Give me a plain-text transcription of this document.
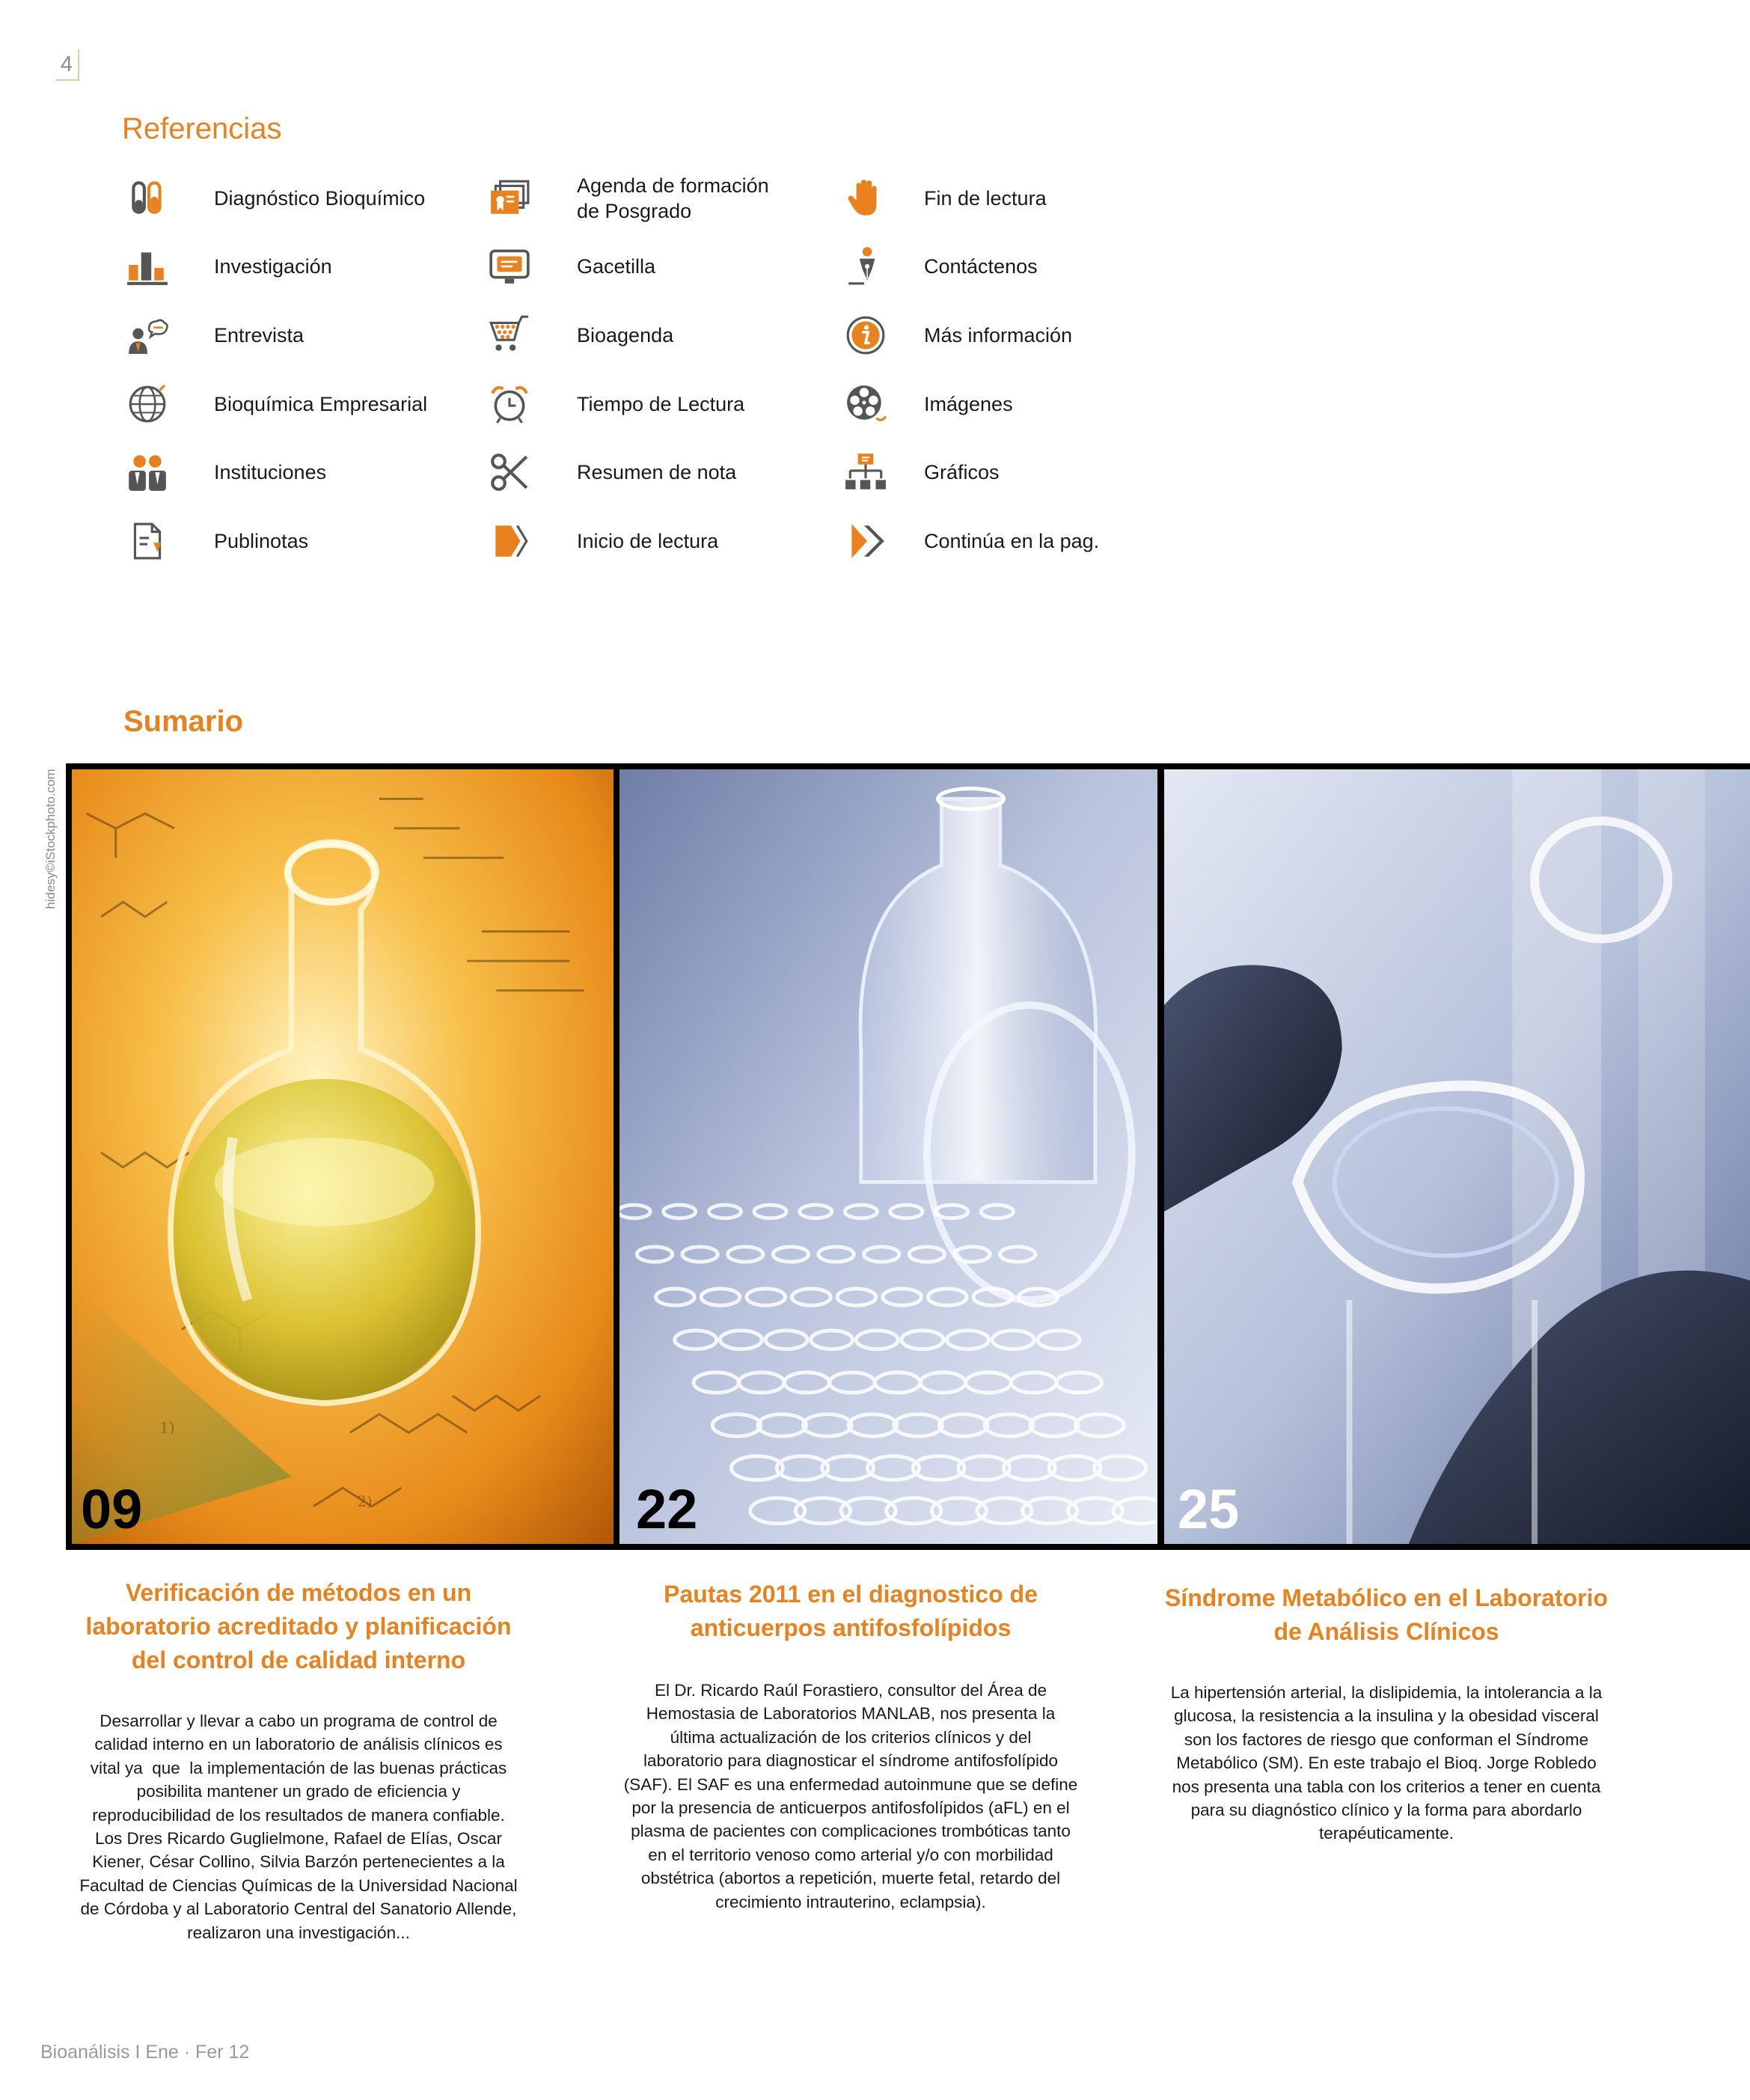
4
Referencias
Diagnóstico Bioquímico
Investigación
Entrevista
Bioquímica Empresarial
Instituciones
Publinotas
Agenda de formación
de Posgrado
Gacetilla
Bioagenda
Tiempo de Lectura
Resumen de nota
Inicio de lectura
Fin de lectura
Contáctenos
Más información
Imágenes
Gráficos
Continúa en la pag.
Sumario
hidesy©iStockphoto.com
2)
1)
09	22	25
Verificación de métodos en un
laboratorio acreditado y planificación
del control de calidad interno
Pautas 2011 en el diagnostico de
anticuerpos antifosfolípidos
Síndrome Metabólico en el Laboratorio
de Análisis Clínicos
Desarrollar y llevar a cabo un programa de control de
calidad interno en un laboratorio de análisis clínicos es
vital ya  que  la implementación de las buenas prácticas
posibilita mantener un grado de eficiencia y
reproducibilidad de los resultados de manera confiable.
Los Dres Ricardo Guglielmone, Rafael de Elías, Oscar
Kiener, César Collino, Silvia Barzón pertenecientes a la
Facultad de Ciencias Químicas de la Universidad Nacional
de Córdoba y al Laboratorio Central del Sanatorio Allende,
realizaron una investigación...
El Dr. Ricardo Raúl Forastiero, consultor del Área de
Hemostasia de Laboratorios MANLAB, nos presenta la
última actualización de los criterios clínicos y del
laboratorio para diagnosticar el síndrome antifosfolípido
(SAF). El SAF es una enfermedad autoinmune que se define
por la presencia de anticuerpos antifosfolípidos (aFL) en el
plasma de pacientes con complicaciones trombóticas tanto
en el territorio venoso como arterial y/o con morbilidad
obstétrica (abortos a repetición, muerte fetal, retardo del
crecimiento intrauterino, eclampsia).
La hipertensión arterial, la dislipidemia, la intolerancia a la
glucosa, la resistencia a la insulina y la obesidad visceral
son los factores de riesgo que conforman el Síndrome
Metabólico (SM). En este trabajo el Bioq. Jorge Robledo
nos presenta una tabla con los criterios a tener en cuenta
para su diagnóstico clínico y la forma para abordarlo
terapéuticamente.
Bioanálisis I Ene · Fer 12
